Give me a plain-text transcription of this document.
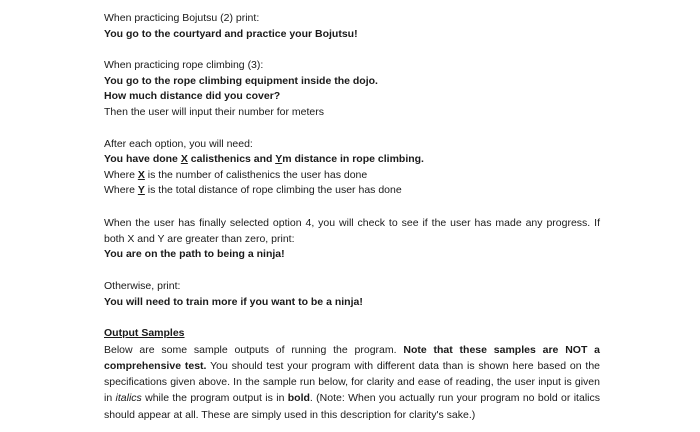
When practicing Bojutsu (2) print:

You go to the courtyard and practice your Bojutsu!

When practicing rope climbing (3):

You go to the rope climbing equipment inside the dojo.

How much distance did you cover?

Then the user will input their number for meters

After each option, you will need:

You have done X calisthenics and Ym distance in rope climbing.

Where X is the number of calisthenics the user has done

Where Y is the total distance of rope climbing the user has done

When the user has finally selected option 4, you will check to see if the user has made any progress. If both X and Y are greater than zero, print:

You are on the path to being a ninja!

Otherwise, print:

You will need to train more if you want to be a ninja!

Output Samples

Below are some sample outputs of running the program. Note that these samples are NOT a comprehensive test. You should test your program with different data than is shown here based on the specifications given above. In the sample run below, for clarity and ease of reading, the user input is given in italics while the program output is in bold. (Note: When you actually run your program no bold or italics should appear at all. These are simply used in this description for clarity's sake.)
